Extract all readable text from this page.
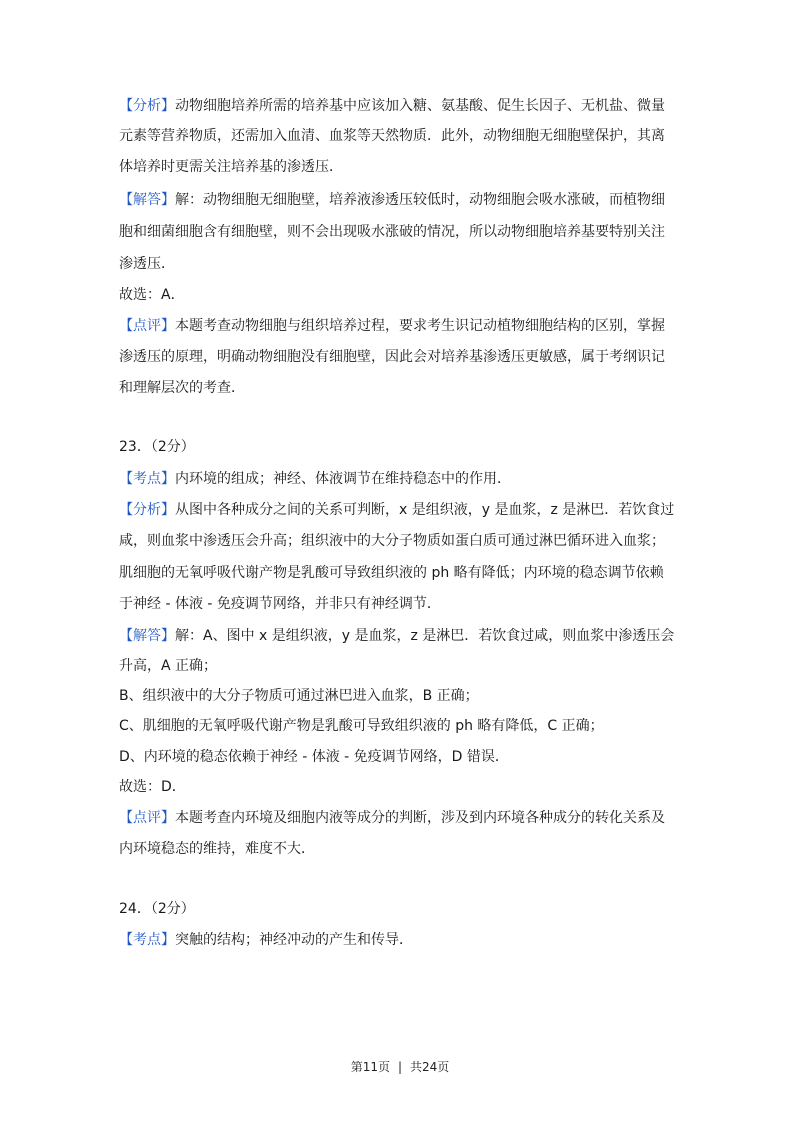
【分析】动物细胞培养所需的培养基中应该加入糖、氨基酸、促生长因子、无机盐、微量
元素等营养物质，还需加入血清、血浆等天然物质．此外，动物细胞无细胞壁保护，其离
体培养时更需关注培养基的渗透压．
【解答】解：动物细胞无细胞壁，培养液渗透压较低时，动物细胞会吸水涨破，而植物细
胞和细菌细胞含有细胞壁，则不会出现吸水涨破的情况，所以动物细胞培养基要特别关注
渗透压．
故选：A．
【点评】本题考查动物细胞与组织培养过程，要求考生识记动植物细胞结构的区别，掌握
渗透压的原理，明确动物细胞没有细胞壁，因此会对培养基渗透压更敏感，属于考纲识记
和理解层次的考查．
23．（2分）
【考点】内环境的组成；神经、体液调节在维持稳态中的作用．
【分析】从图中各种成分之间的关系可判断，x 是组织液，y 是血浆，z 是淋巴．若饮食过
咸，则血浆中渗透压会升高；组织液中的大分子物质如蛋白质可通过淋巴循环进入血浆；
肌细胞的无氧呼吸代谢产物是乳酸可导致组织液的 ph 略有降低；内环境的稳态调节依赖
于神经 - 体液 - 免疫调节网络，并非只有神经调节．
【解答】解：A、图中 x 是组织液，y 是血浆，z 是淋巴．若饮食过咸，则血浆中渗透压会
升高，A 正确；
B、组织液中的大分子物质可通过淋巴进入血浆，B 正确；
C、肌细胞的无氧呼吸代谢产物是乳酸可导致组织液的 ph 略有降低，C 正确；
D、内环境的稳态依赖于神经 - 体液 - 免疫调节网络，D 错误．
故选：D．
【点评】本题考查内环境及细胞内液等成分的判断，涉及到内环境各种成分的转化关系及
内环境稳态的维持，难度不大．
24．（2分）
【考点】突触的结构；神经冲动的产生和传导．
第11页 | 共24页
